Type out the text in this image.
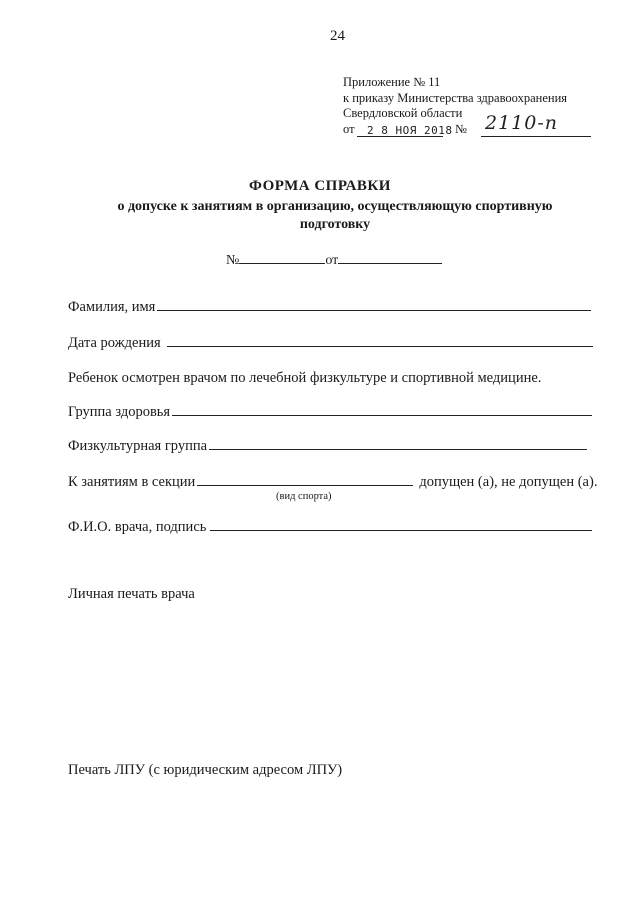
24
Приложение № 11
к приказу Министерства здравоохранения
Свердловской области
от 2 8 НОЯ 2018 № 2110-п
ФОРМА СПРАВКИ
о допуске к занятиям в организацию, осуществляющую спортивную подготовку
№	от
Фамилия, имя
Дата рождения
Ребенок осмотрен врачом по лечебной физкультуре и спортивной медицине.
Группа здоровья
Физкультурная группа
К занятиям в секции	допущен (а), не допущен (а).
(вид спорта)
Ф.И.О. врача, подпись
Личная печать врача
Печать ЛПУ (с юридическим адресом ЛПУ)
